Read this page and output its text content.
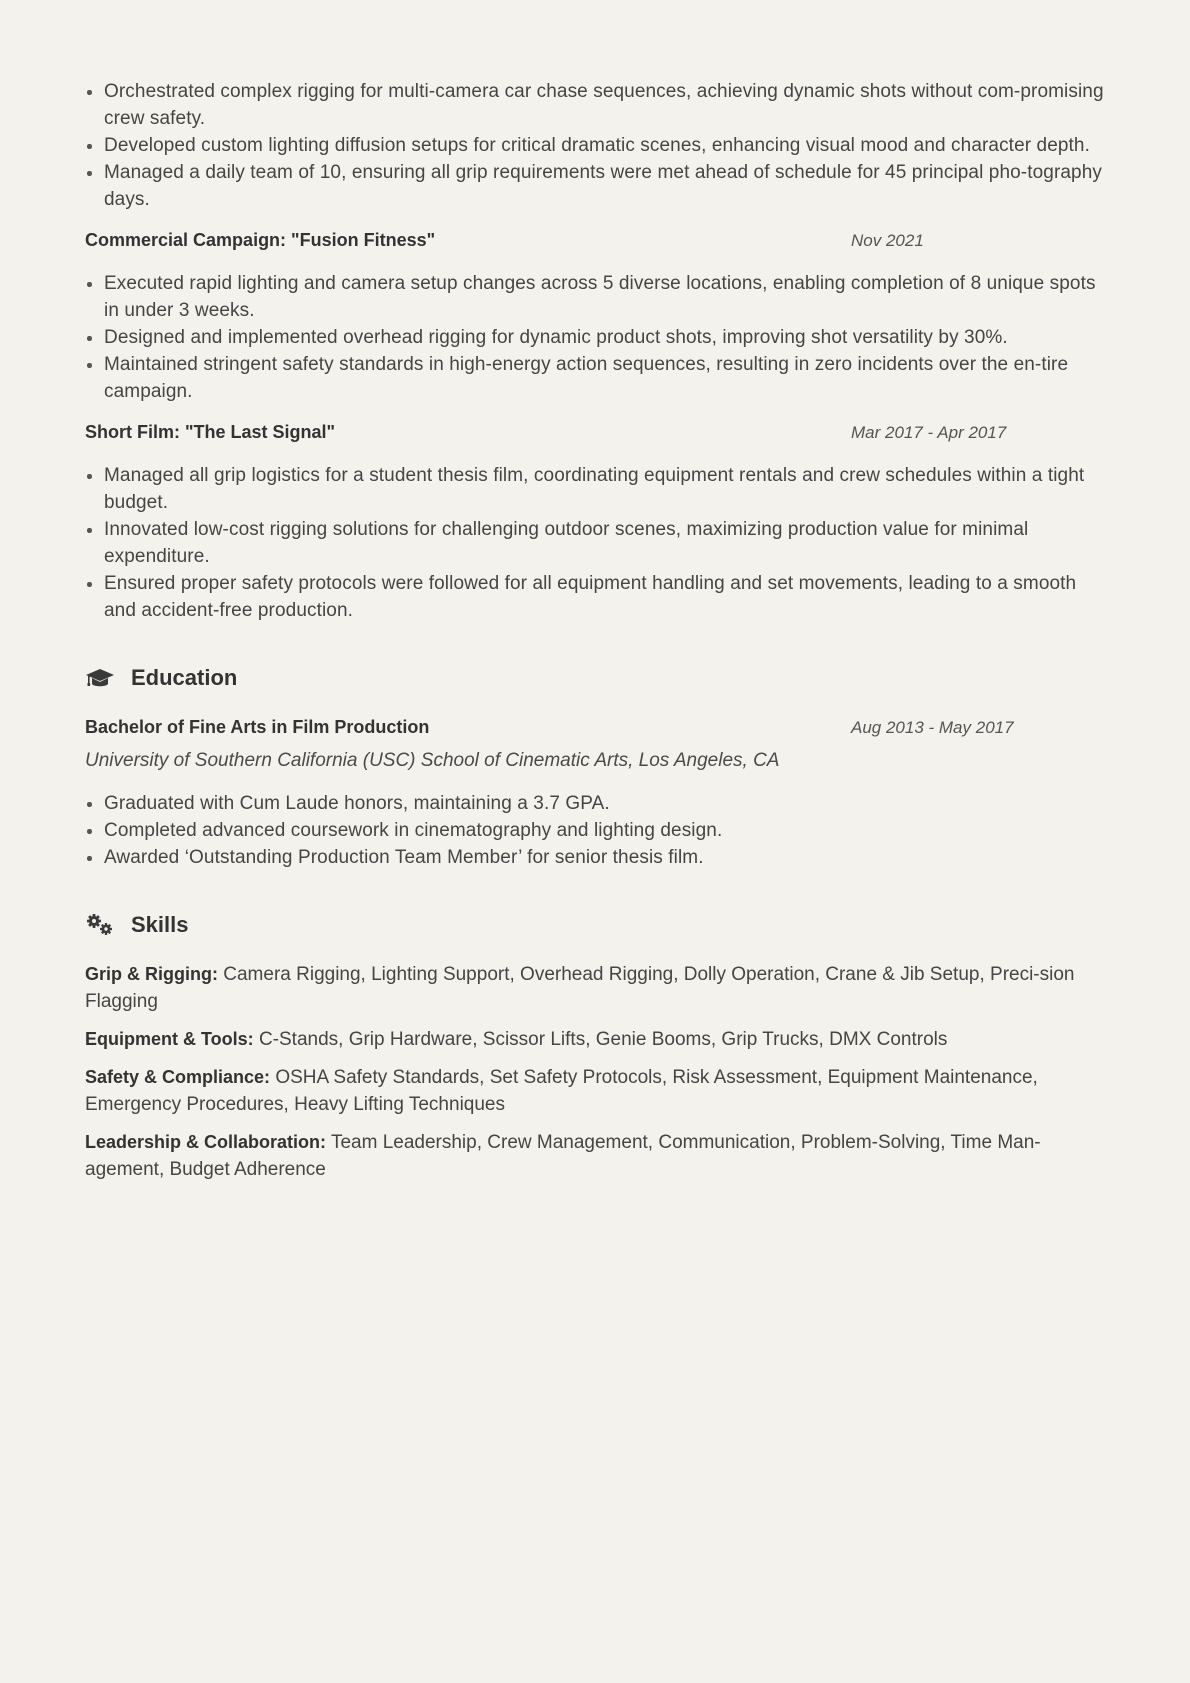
Orchestrated complex rigging for multi-camera car chase sequences, achieving dynamic shots without com-promising crew safety.
Developed custom lighting diffusion setups for critical dramatic scenes, enhancing visual mood and character depth.
Managed a daily team of 10, ensuring all grip requirements were met ahead of schedule for 45 principal pho-tography days.
Commercial Campaign: "Fusion Fitness"	Nov 2021
Executed rapid lighting and camera setup changes across 5 diverse locations, enabling completion of 8 unique spots in under 3 weeks.
Designed and implemented overhead rigging for dynamic product shots, improving shot versatility by 30%.
Maintained stringent safety standards in high-energy action sequences, resulting in zero incidents over the en-tire campaign.
Short Film: "The Last Signal"	Mar 2017 - Apr 2017
Managed all grip logistics for a student thesis film, coordinating equipment rentals and crew schedules within a tight budget.
Innovated low-cost rigging solutions for challenging outdoor scenes, maximizing production value for minimal expenditure.
Ensured proper safety protocols were followed for all equipment handling and set movements, leading to a smooth and accident-free production.
Education
Bachelor of Fine Arts in Film Production	Aug 2013 - May 2017
University of Southern California (USC) School of Cinematic Arts, Los Angeles, CA
Graduated with Cum Laude honors, maintaining a 3.7 GPA.
Completed advanced coursework in cinematography and lighting design.
Awarded ‘Outstanding Production Team Member’ for senior thesis film.
Skills
Grip & Rigging: Camera Rigging, Lighting Support, Overhead Rigging, Dolly Operation, Crane & Jib Setup, Preci-sion Flagging
Equipment & Tools: C-Stands, Grip Hardware, Scissor Lifts, Genie Booms, Grip Trucks, DMX Controls
Safety & Compliance: OSHA Safety Standards, Set Safety Protocols, Risk Assessment, Equipment Maintenance, Emergency Procedures, Heavy Lifting Techniques
Leadership & Collaboration: Team Leadership, Crew Management, Communication, Problem-Solving, Time Man-agement, Budget Adherence
